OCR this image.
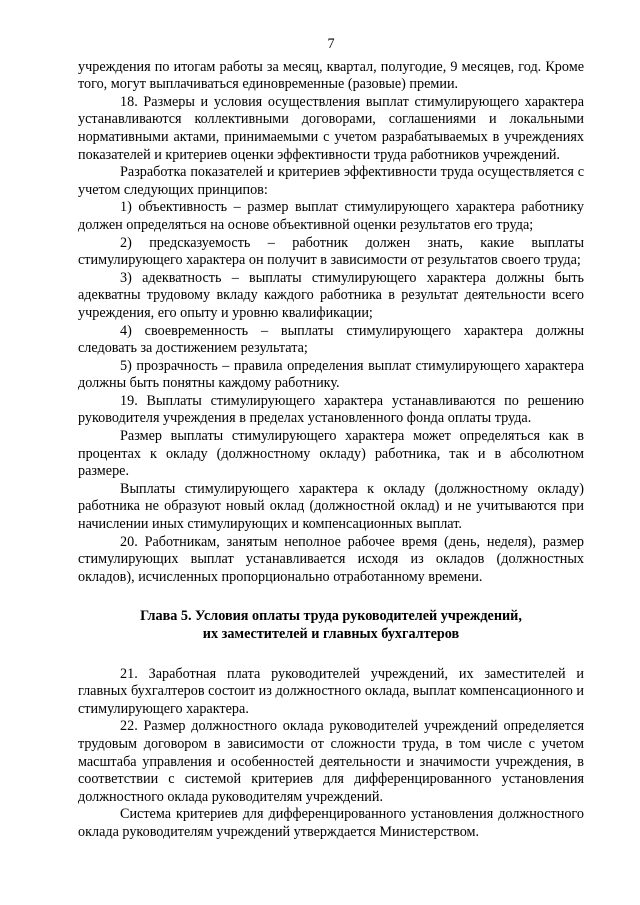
7

учреждения по итогам работы за месяц, квартал, полугодие, 9 месяцев, год. Кроме того, могут выплачиваться единовременные (разовые) премии.

18. Размеры и условия осуществления выплат стимулирующего характера устанавливаются коллективными договорами, соглашениями и локальными нормативными актами, принимаемыми с учетом разрабатываемых в учреждениях показателей и критериев оценки эффективности труда работников учреждений.

Разработка показателей и критериев эффективности труда осуществляется с учетом следующих принципов:

1) объективность – размер выплат стимулирующего характера работнику должен определяться на основе объективной оценки результатов его труда;

2) предсказуемость – работник должен знать, какие выплаты стимулирующего характера он получит в зависимости от результатов своего труда;

3) адекватность – выплаты стимулирующего характера должны быть адекватны трудовому вкладу каждого работника в результат деятельности всего учреждения, его опыту и уровню квалификации;

4) своевременность – выплаты стимулирующего характера должны следовать за достижением результата;

5) прозрачность – правила определения выплат стимулирующего характера должны быть понятны каждому работнику.

19. Выплаты стимулирующего характера устанавливаются по решению руководителя учреждения в пределах установленного фонда оплаты труда.

Размер выплаты стимулирующего характера может определяться как в процентах к окладу (должностному окладу) работника, так и в абсолютном размере.

Выплаты стимулирующего характера к окладу (должностному окладу) работника не образуют новый оклад (должностной оклад) и не учитываются при начислении иных стимулирующих и компенсационных выплат.

20. Работникам, занятым неполное рабочее время (день, неделя), размер стимулирующих выплат устанавливается исходя из окладов (должностных окладов), исчисленных пропорционально отработанному времени.

Глава 5. Условия оплаты труда руководителей учреждений,
их заместителей и главных бухгалтеров

21. Заработная плата руководителей учреждений, их заместителей и главных бухгалтеров состоит из должностного оклада, выплат компенсационного и стимулирующего характера.

22. Размер должностного оклада руководителей учреждений определяется трудовым договором в зависимости от сложности труда, в том числе с учетом масштаба управления и особенностей деятельности и значимости учреждения, в соответствии с системой критериев для дифференцированного установления должностного оклада руководителям учреждений.

Система критериев для дифференцированного установления должностного оклада руководителям учреждений утверждается Министерством.
